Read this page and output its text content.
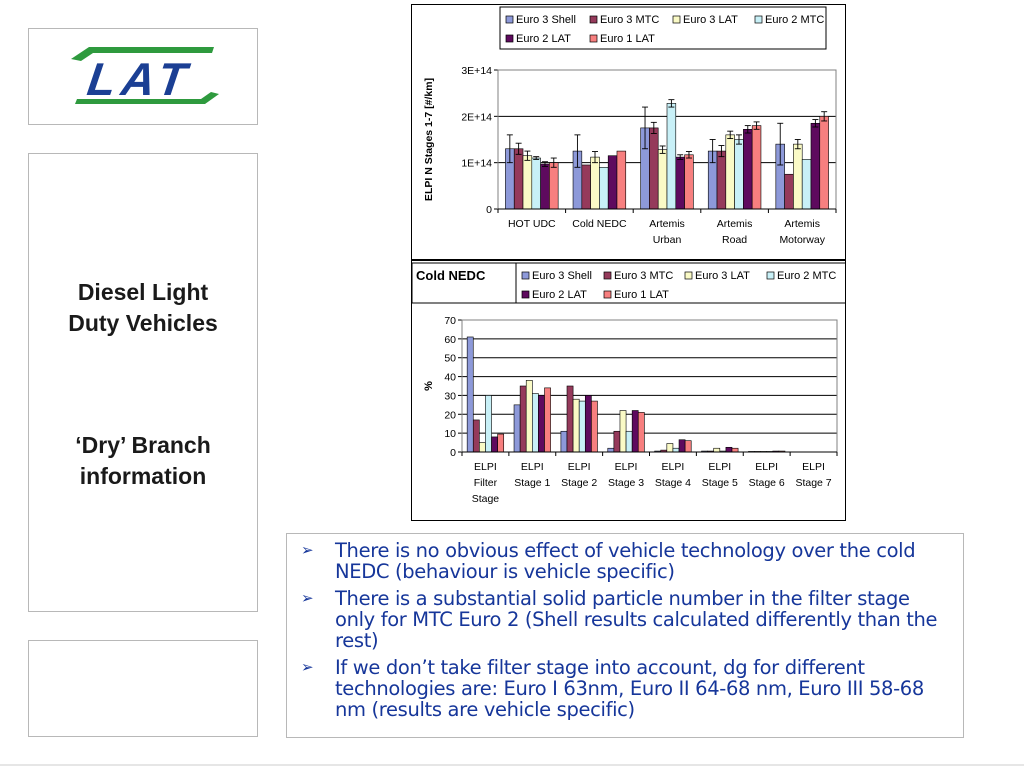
LAT
Diesel Light
Duty Vehicles
‘Dry’ Branch
information
Euro 3 Shell Euro 3 MTC Euro 3 LAT Euro 2 MTC
Euro 2 LAT	Euro 1 LAT
0
1E+14
2E+14
3E+14
ELPI N Stages 1-7 [#/km]
HOT UDC Cold NEDC Artemis
Urban
Artemis
Road
Artemis
Motorway
Cold NEDC	Euro 3 Shell Euro 3 MTC Euro 3 LAT Euro 2 MTC
Euro 2 LAT Euro 1 LAT
0
10
20
30
40
50
60
70
%
ELPI
Filter
Stage
ELPI
Stage 1
ELPI
Stage 2
ELPI
Stage 3
ELPI
Stage 4
ELPI
Stage 5
ELPI
Stage 6
ELPI
Stage 7
➢ There is no obvious effect of vehicle technology over the cold NEDC (behaviour is vehicle specific)
➢ There is a substantial solid particle number in the filter stage only for MTC Euro 2 (Shell results calculated differently than the rest)
➢ If we don’t take filter stage into account, dg for different technologies are: Euro I 63nm, Euro II 64-68 nm, Euro III 58-68 nm (results are vehicle specific)
